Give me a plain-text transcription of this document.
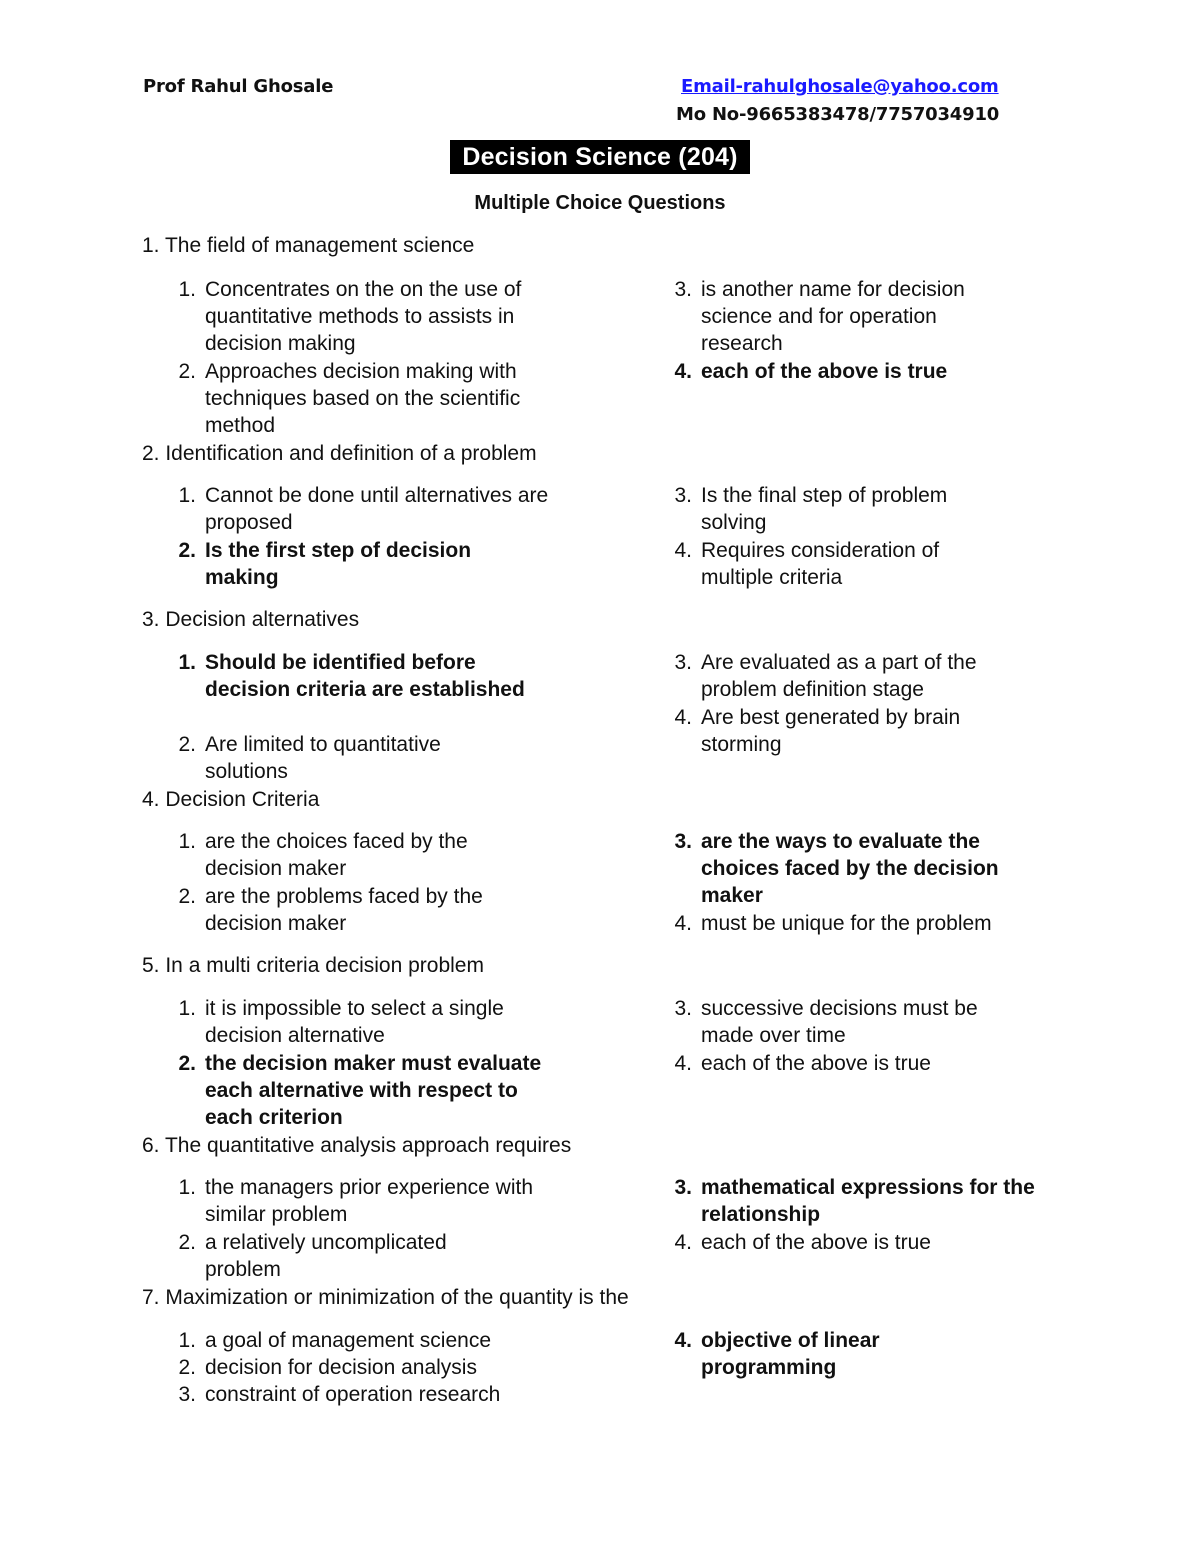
Prof Rahul Ghosale	Email-rahulghosale@yahoo.com
Mo No-9665383478/7757034910
Decision Science (204)
Multiple Choice Questions
1. The field of management science
1. Concentrates on the on the use of quantitative methods to assists in decision making
2. Approaches decision making with techniques based on the scientific method
3. is another name for decision science and for operation research
4. each of the above is true
2. Identification and definition of a problem
1. Cannot be done until alternatives are proposed
2. Is the first step of decision making
3. Is the final step of problem solving
4. Requires consideration of multiple criteria
3. Decision alternatives
1. Should be identified before decision criteria are established
2. Are limited to quantitative solutions
3. Are evaluated as a part of the problem definition stage
4. Are best generated by brain storming
4. Decision Criteria
1. are the choices faced by the decision maker
2. are the problems faced by the decision maker
3. are the ways to evaluate the choices faced by the decision maker
4. must be unique for the problem
5. In a multi criteria decision problem
1. it is impossible to select a single decision alternative
2. the decision maker must evaluate each alternative with respect to each criterion
3. successive decisions must be made over time
4. each of the above is true
6. The quantitative analysis approach requires
1. the managers prior experience with similar problem
2. a relatively uncomplicated problem
3. mathematical expressions for the relationship
4. each of the above is true
7. Maximization or minimization of the quantity is the
1. a goal of management science
2. decision for decision analysis
3. constraint of operation research
4. objective of linear programming
